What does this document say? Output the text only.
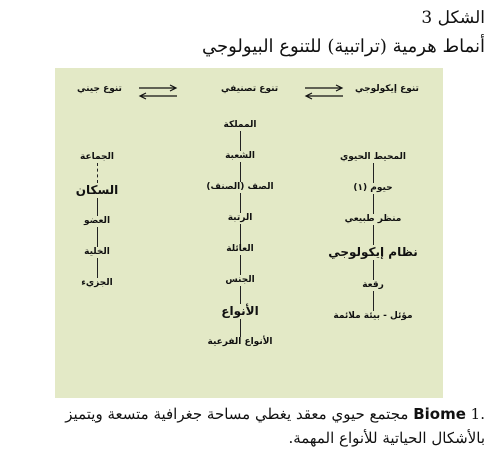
الشكل 3
أنماط هرمية (تراتبية) للتنوع البيولوجي
تنوع جيني	تنوع تصنيفي	تنوع إيكولوجي
الجماعة
السكان
العضو
الخلية
الجزيء
المملكة
الشعبة
الصف (الصنف)
الرتبة
العائلة
الجنس
الأنواع
الأنواع الفرعية
المحيط الحيوي
حيوم (١)
منظر طبيعي
نظام إيكولوجي
رقعة
مؤئل - بيئة ملائمة
.1 Biome مجتمع حيوي معقد يغطي مساحة جغرافية متسعة ويتميز بالأشكال الحياتية للأنواع المهمة.
